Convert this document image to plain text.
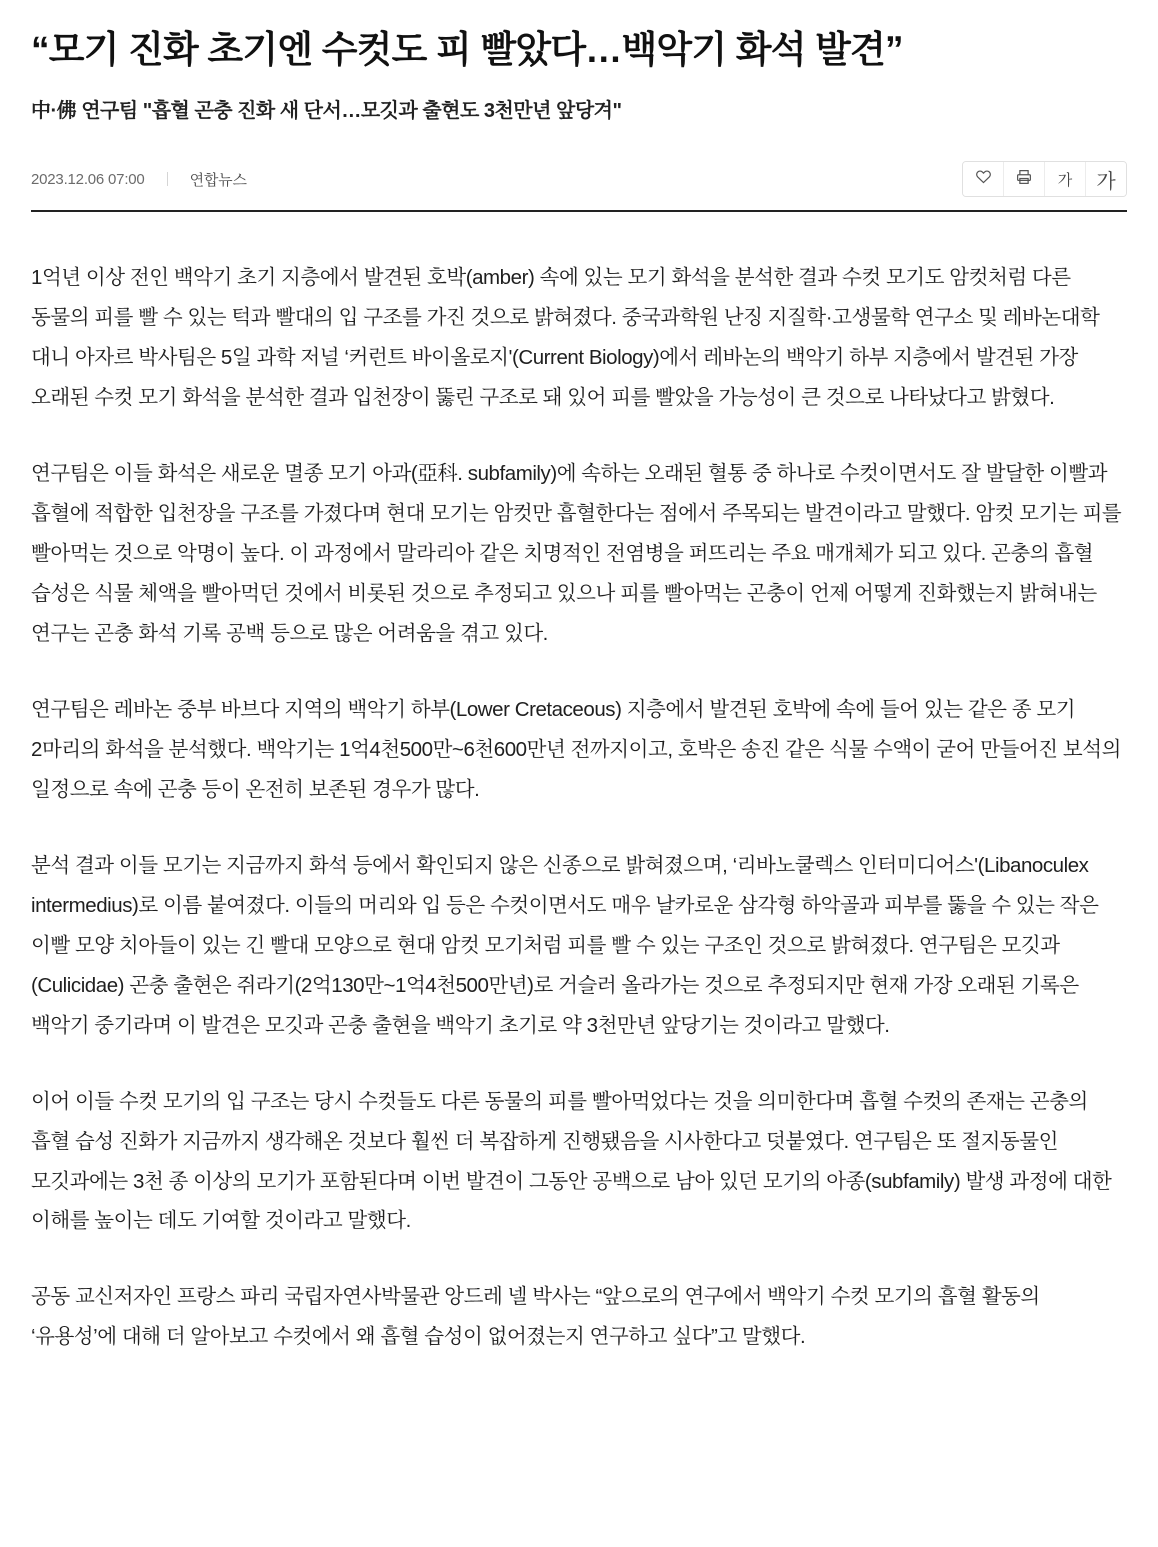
“모기 진화 초기엔 수컷도 피 빨았다…백악기 화석 발견”
中·佛 연구팀 "흡혈 곤충 진화 새 단서…모깃과 출현도 3천만년 앞당겨"
2023.12.06 07:00	연합뉴스	가	가

1억년 이상 전인 백악기 초기 지층에서 발견된 호박(amber) 속에 있는 모기 화석을 분석한 결과 수컷 모기도 암컷처럼 다른 동물의 피를 빨 수 있는 턱과 빨대의 입 구조를 가진 것으로 밝혀졌다. 중국과학원 난징 지질학·고생물학 연구소 및 레바논대학 대니 아자르 박사팀은 5일 과학 저널 ‘커런트 바이올로지'(Current Biology)에서 레바논의 백악기 하부 지층에서 발견된 가장 오래된 수컷 모기 화석을 분석한 결과 입천장이 뚫린 구조로 돼 있어 피를 빨았을 가능성이 큰 것으로 나타났다고 밝혔다.

연구팀은 이들 화석은 새로운 멸종 모기 아과(亞科. subfamily)에 속하는 오래된 혈통 중 하나로 수컷이면서도 잘 발달한 이빨과 흡혈에 적합한 입천장을 구조를 가졌다며 현대 모기는 암컷만 흡혈한다는 점에서 주목되는 발견이라고 말했다. 암컷 모기는 피를 빨아먹는 것으로 악명이 높다. 이 과정에서 말라리아 같은 치명적인 전염병을 퍼뜨리는 주요 매개체가 되고 있다. 곤충의 흡혈 습성은 식물 체액을 빨아먹던 것에서 비롯된 것으로 추정되고 있으나 피를 빨아먹는 곤충이 언제 어떻게 진화했는지 밝혀내는 연구는 곤충 화석 기록 공백 등으로 많은 어려움을 겪고 있다.

연구팀은 레바논 중부 바브다 지역의 백악기 하부(Lower Cretaceous) 지층에서 발견된 호박에 속에 들어 있는 같은 종 모기 2마리의 화석을 분석했다. 백악기는 1억4천500만~6천600만년 전까지이고, 호박은 송진 같은 식물 수액이 굳어 만들어진 보석의 일정으로 속에 곤충 등이 온전히 보존된 경우가 많다.

분석 결과 이들 모기는 지금까지 화석 등에서 확인되지 않은 신종으로 밝혀졌으며, ‘리바노쿨렉스 인터미디어스'(Libanoculex intermedius)로 이름 붙여졌다. 이들의 머리와 입 등은 수컷이면서도 매우 날카로운 삼각형 하악골과 피부를 뚫을 수 있는 작은 이빨 모양 치아들이 있는 긴 빨대 모양으로 현대 암컷 모기처럼 피를 빨 수 있는 구조인 것으로 밝혀졌다. 연구팀은 모깃과(Culicidae) 곤충 출현은 쥐라기(2억130만~1억4천500만년)로 거슬러 올라가는 것으로 추정되지만 현재 가장 오래된 기록은 백악기 중기라며 이 발견은 모깃과 곤충 출현을 백악기 초기로 약 3천만년 앞당기는 것이라고 말했다.

이어 이들 수컷 모기의 입 구조는 당시 수컷들도 다른 동물의 피를 빨아먹었다는 것을 의미한다며 흡혈 수컷의 존재는 곤충의 흡혈 습성 진화가 지금까지 생각해온 것보다 훨씬 더 복잡하게 진행됐음을 시사한다고 덧붙였다. 연구팀은 또 절지동물인 모깃과에는 3천 종 이상의 모기가 포함된다며 이번 발견이 그동안 공백으로 남아 있던 모기의 아종(subfamily) 발생 과정에 대한 이해를 높이는 데도 기여할 것이라고 말했다.

공동 교신저자인 프랑스 파리 국립자연사박물관 앙드레 넬 박사는 “앞으로의 연구에서 백악기 수컷 모기의 흡혈 활동의 ‘유용성’에 대해 더 알아보고 수컷에서 왜 흡혈 습성이 없어졌는지 연구하고 싶다”고 말했다.
